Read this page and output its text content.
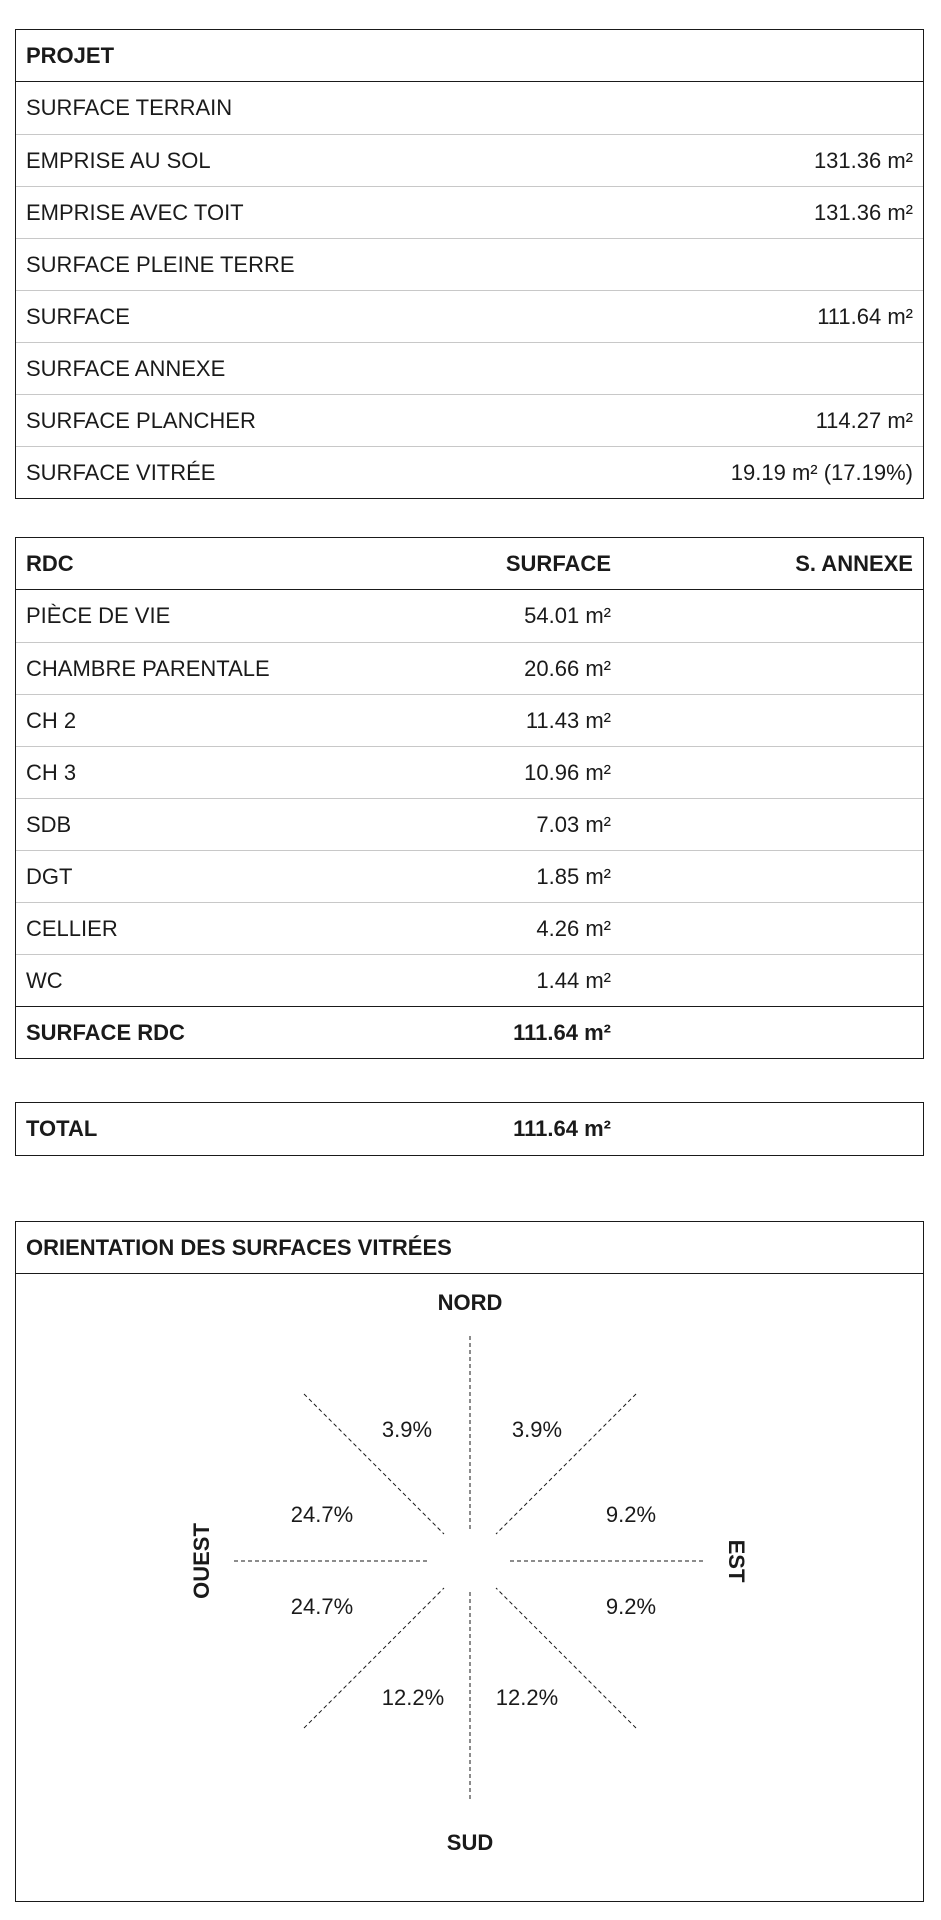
PROJET
SURFACE TERRAIN
EMPRISE AU SOL	131.36 m²
EMPRISE AVEC TOIT	131.36 m²
SURFACE PLEINE TERRE
SURFACE	111.64 m²
SURFACE ANNEXE
SURFACE PLANCHER	114.27 m²
SURFACE VITRÉE	19.19 m² (17.19%)
RDC	SURFACE	S. ANNEXE
PIÈCE DE VIE	54.01 m²
CHAMBRE PARENTALE	20.66 m²
CH 2	11.43 m²
CH 3	10.96 m²
SDB	7.03 m²
DGT	1.85 m²
CELLIER	4.26 m²
WC	1.44 m²
SURFACE RDC	111.64 m²
TOTAL	111.64 m²
ORIENTATION DES SURFACES VITRÉES
NORD
SUD
EST
OUEST
3.9%	3.9%
24.7%	9.2%
24.7%	9.2%
12.2% 12.2%
